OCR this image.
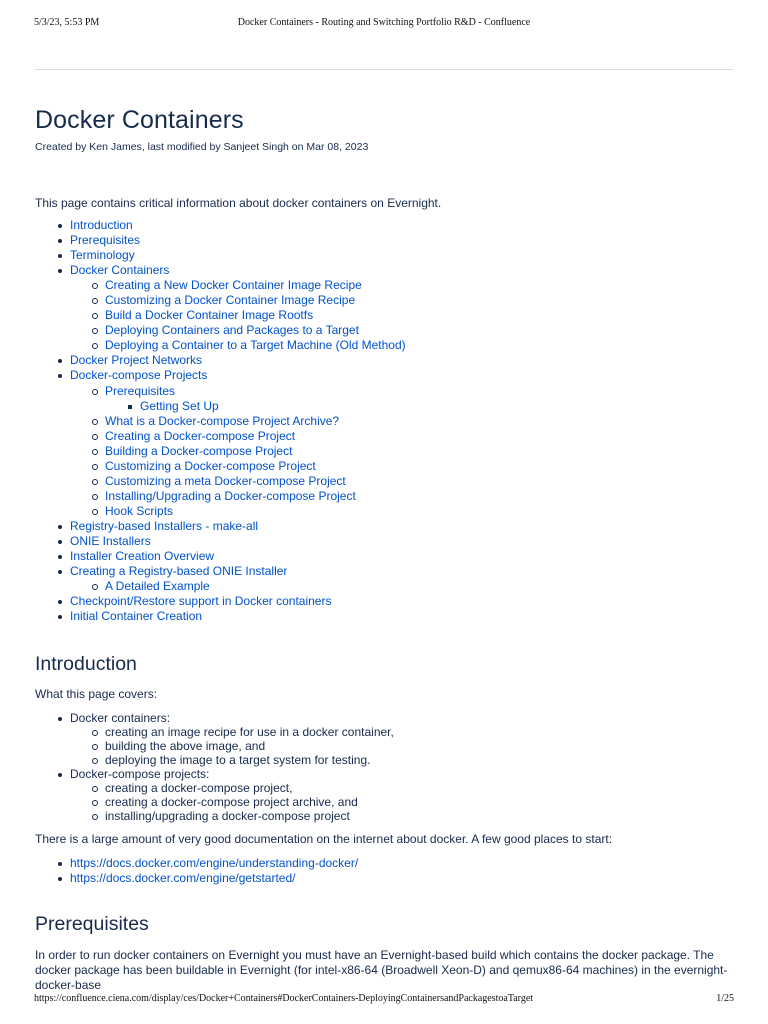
5/3/23, 5:53 PM	Docker Containers - Routing and Switching Portfolio R&D - Confluence
Docker Containers
Created by Ken James, last modified by Sanjeet Singh on Mar 08, 2023

This page contains critical information about docker containers on Evernight.

Introduction
Prerequisites
Terminology
Docker Containers
Creating a New Docker Container Image Recipe
Customizing a Docker Container Image Recipe
Build a Docker Container Image Rootfs
Deploying Containers and Packages to a Target
Deploying a Container to a Target Machine (Old Method)
Docker Project Networks
Docker-compose Projects
Prerequisites
Getting Set Up
What is a Docker-compose Project Archive?
Creating a Docker-compose Project
Building a Docker-compose Project
Customizing a Docker-compose Project
Customizing a meta Docker-compose Project
Installing/Upgrading a Docker-compose Project
Hook Scripts
Registry-based Installers - make-all
ONIE Installers
Installer Creation Overview
Creating a Registry-based ONIE Installer
A Detailed Example
Checkpoint/Restore support in Docker containers
Initial Container Creation
Introduction

What this page covers:

Docker containers:
creating an image recipe for use in a docker container,
building the above image, and
deploying the image to a target system for testing.
Docker-compose projects:
creating a docker-compose project,
creating a docker-compose project archive, and
installing/upgrading a docker-compose project

There is a large amount of very good documentation on the internet about docker. A few good places to start:

https://docs.docker.com/engine/understanding-docker/
https://docs.docker.com/engine/getstarted/
Prerequisites

In order to run docker containers on Evernight you must have an Evernight-based build which contains the docker package. The docker package has been buildable in Evernight (for intel-x86-64 (Broadwell Xeon-D) and qemux86-64 machines) in the evernight-docker-base

https://confluence.ciena.com/display/ces/Docker+Containers#DockerContainers-DeployingContainersandPackagestoaTarget	1/25
